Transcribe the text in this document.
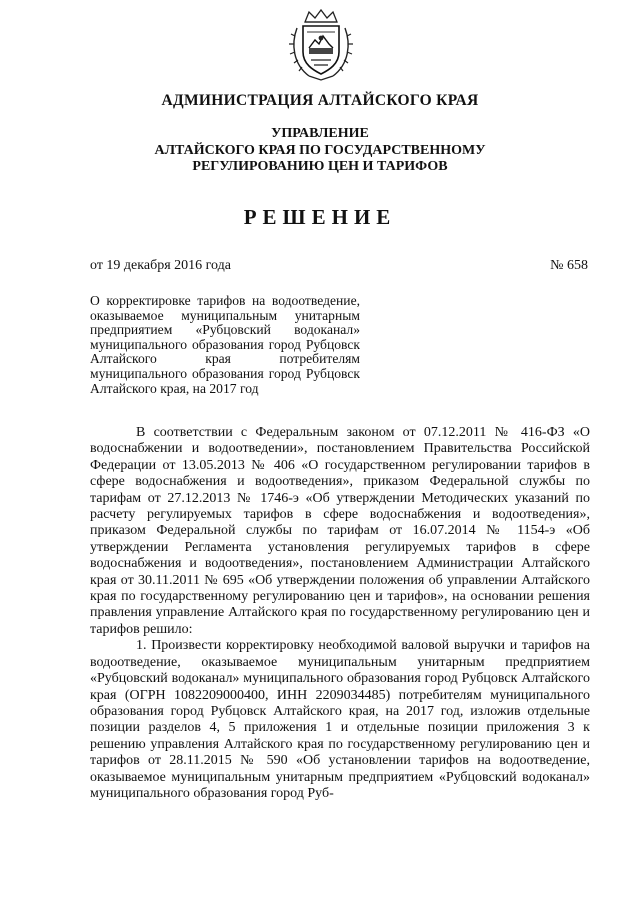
АДМИНИСТРАЦИЯ АЛТАЙСКОГО КРАЯ
УПРАВЛЕНИЕ
АЛТАЙСКОГО КРАЯ ПО ГОСУДАРСТВЕННОМУ
РЕГУЛИРОВАНИЮ ЦЕН И ТАРИФОВ
РЕШЕНИЕ
от 19 декабря 2016 года	№ 658
О корректировке тарифов на водоотведение, оказываемое муниципальным унитарным предприятием «Рубцовский водоканал» муниципального образования город Рубцовск Алтайского края потребителям муниципального образования город Рубцовск Алтайского края, на 2017 год

В соответствии с Федеральным законом от 07.12.2011 № 416-ФЗ «О водоснабжении и водоотведении», постановлением Правительства Российской Федерации от 13.05.2013 № 406 «О государственном регулировании тарифов в сфере водоснабжения и водоотведения», приказом Федеральной службы по тарифам от 27.12.2013 № 1746-э «Об утверждении Методических указаний по расчету регулируемых тарифов в сфере водоснабжения и водоотведения», приказом Федеральной службы по тарифам от 16.07.2014 № 1154-э «Об утверждении Регламента установления регулируемых тарифов в сфере водоснабжения и водоотведения», постановлением Администрации Алтайского края от 30.11.2011 № 695 «Об утверждении положения об управлении Алтайского края по государственному регулированию цен и тарифов», на основании решения правления управление Алтайского края по государственному регулированию цен и тарифов решило:

1. Произвести корректировку необходимой валовой выручки и тарифов на водоотведение, оказываемое муниципальным унитарным предприятием «Рубцовский водоканал» муниципального образования город Рубцовск Алтайского края (ОГРН 1082209000400, ИНН 2209034485) потребителям муниципального образования город Рубцовск Алтайского края, на 2017 год, изложив отдельные позиции разделов 4, 5 приложения 1 и отдельные позиции приложения 3 к решению управления Алтайского края по государственному регулированию цен и тарифов от 28.11.2015 № 590 «Об установлении тарифов на водоотведение, оказываемое муниципальным унитарным предприятием «Рубцовский водоканал» муниципального образования город Руб-
